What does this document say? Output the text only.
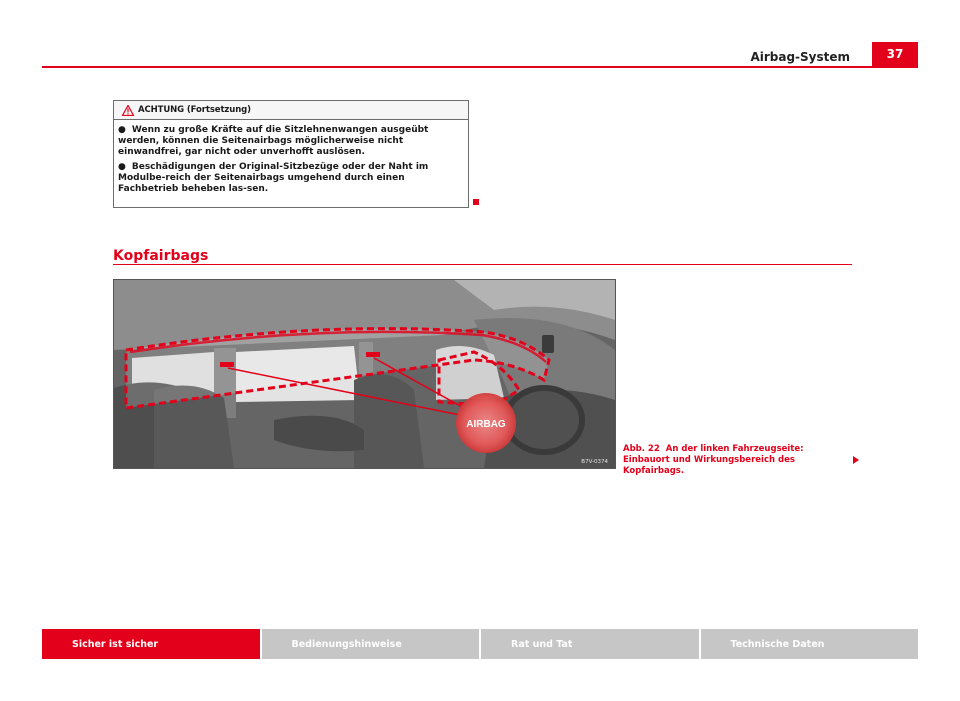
Airbag-System	37
ACHTUNG (Fortsetzung)

● Wenn zu große Kräfte auf die Sitzlehnenwangen ausgeübt werden, können die Seitenairbags möglicherweise nicht einwandfrei, gar nicht oder unverhofft auslösen.

● Beschädigungen der Original-Sitzbezüge oder der Naht im Modulbe-reich der Seitenairbags umgehend durch einen Fachbetrieb beheben las-sen.

Kopfairbags
AIRBAG
B7V-0374
Abb. 22 An der linken Fahrzeugseite: Einbauort und Wirkungsbereich des Kopfairbags.
Sicher ist sicher	Bedienungshinweise	Rat und Tat	Technische Daten
